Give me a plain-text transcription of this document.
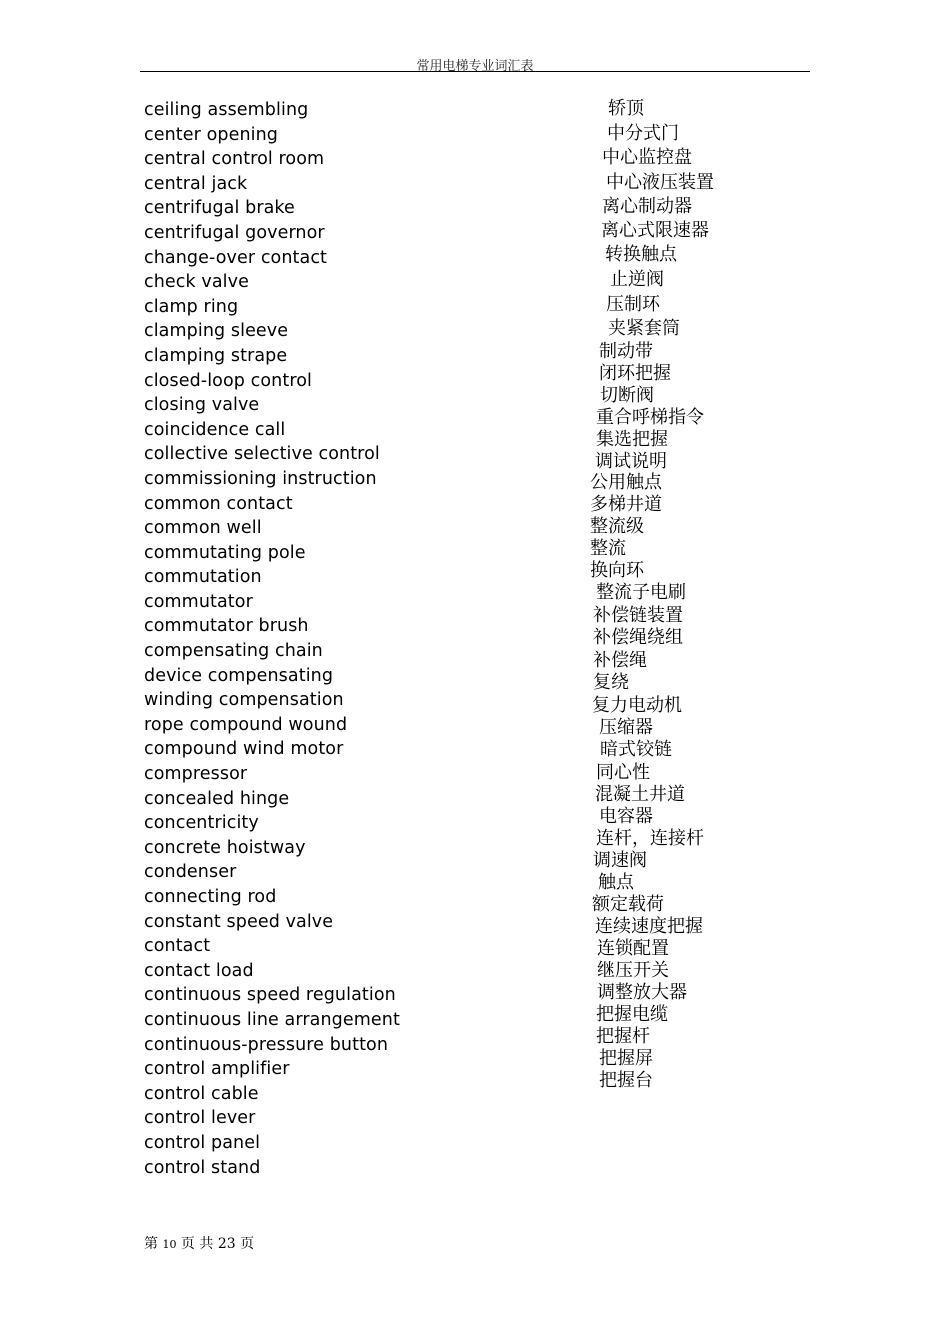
常用电梯专业词汇表
ceiling assembling
center opening
central control room
central jack
centrifugal brake
centrifugal governor
change-over contact
check valve
clamp ring
clamping sleeve
clamping strape
closed-loop control
closing valve
coincidence call
collective selective control
commissioning instruction
common contact
common well
commutating pole
commutation
commutator
commutator brush
compensating chain
device compensating
winding compensation
rope compound wound
compound wind motor
compressor
concealed hinge
concentricity
concrete hoistway
condenser
connecting rod
constant speed valve
contact
contact load
continuous speed regulation
continuous line arrangement
continuous-pressure button
control amplifier
control cable
control lever
control panel
control stand
轿顶
中分式门
中心监控盘
中心液压装置
离心制动器
离心式限速器
转换触点
止逆阀
压制环
夹紧套筒
制动带
闭环把握
切断阀
重合呼梯指令
集选把握
调试说明
公用触点
多梯井道
整流级
整流
换向环
整流子电刷
补偿链装置
补偿绳绕组
补偿绳
复绕
复力电动机
压缩器
暗式铰链
同心性
混凝土井道
电容器
连杆，连接杆
调速阀
触点
额定载荷
连续速度把握
连锁配置
继压开关
调整放大器
把握电缆
把握杆
把握屏
把握台
第 10 页 共 23 页
